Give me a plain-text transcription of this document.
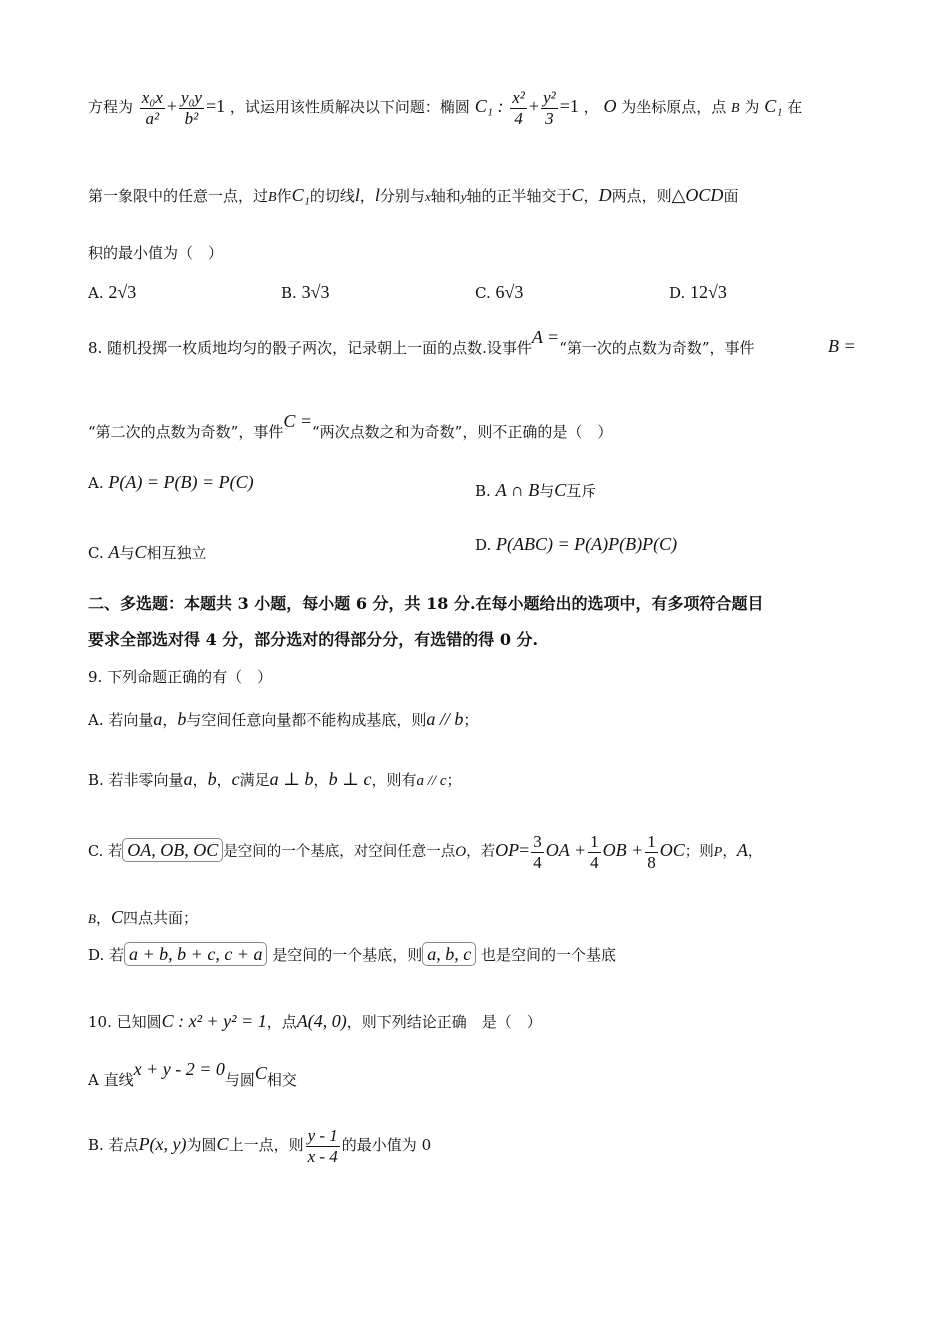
方程为 $\frac{\text{x₀x}}{\text{a²}} + \frac{\text{y₀y}}{\text{b²}} =1$ ，试运用该性质解决以下问题：椭圆 C₁ : $\frac{\text{x²}}{4} + \frac{\text{y²}}{3} =1$ ， O 为坐标原点，点 B 为 C₁ 在
第一象限中的任意一点，过B作C₁的切线l，l分别与x轴和y轴的正半轴交于C，D两点，则△OCD面
积的最小值为（　）
A. 2√3	B. 3√3	C. 6√3	D. 12√3
8. 随机投掷一枚质地均匀的骰子两次，记录朝上一面的点数.设事件A =“第一次的点数为奇数”，事件	B =
“第二次的点数为奇数”，事件C =“两次点数之和为奇数”，则不正确的是（　）
A. P(A) = P(B) = P(C)	B. A ∩ B与C互斥
C. A与C相互独立	D. P(ABC) = P(A)P(B)P(C)
二、多选题：本题共 3 小题，每小题 6 分，共 18 分.在每小题给出的选项中，有多项符合题目
要求全部选对得 4 分，部分选对的得部分分，有选错的得 0 分.
9. 下列命题正确的有（　）
A. 若向量a，b与空间任意向量都不能构成基底，则a // b；
B. 若非零向量a，b，c满足a ⊥ b，b ⊥ c，则有a // c；
C. 若 OA, OB, OC 是空间的一个基底，对空间任意一点O，若$OP= \frac{3}{4}$ OA + $\frac{1}{4}$ OB + $\frac{1}{8}$ OC；则P，A，
B，C四点共面；
D. 若 a + b, b + c, c + a 是空间的一个基底，则 a, b, c 也是空间的一个基底
10. 已知圆C : x² + y² = 1，点A(4, 0)，则下列结论正确　是（　）
A 直线x + y - 2 = 0与圆C相交
B. 若点P(x, y)为圆C上一点，则 $\frac{y - 1}{x - 4}$ 的最小值为 0
